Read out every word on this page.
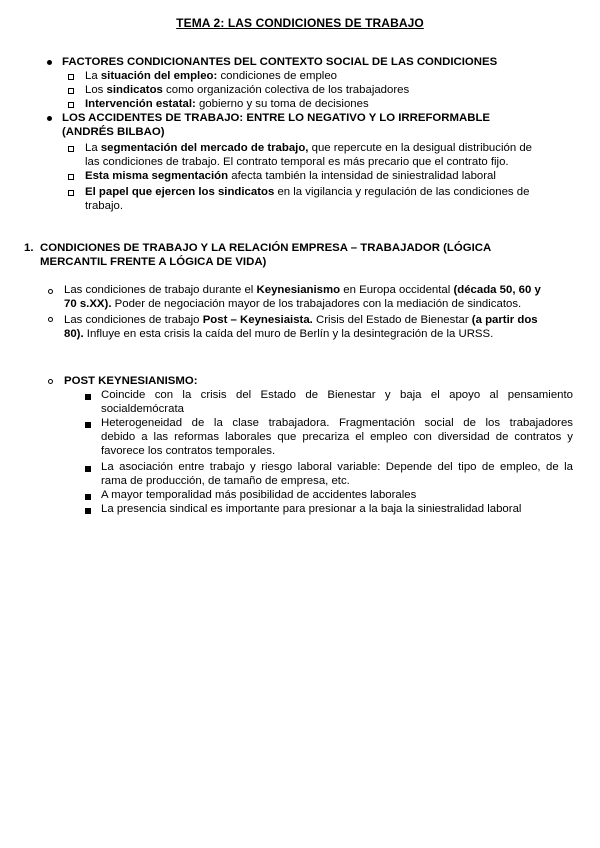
TEMA 2: LAS CONDICIONES DE TRABAJO
FACTORES CONDICIONANTES DEL CONTEXTO SOCIAL DE LAS CONDICIONES
La situación del empleo: condiciones de empleo
Los sindicatos como organización colectiva de los trabajadores
Intervención estatal: gobierno y su toma de decisiones
LOS ACCIDENTES DE TRABAJO: ENTRE LO NEGATIVO Y LO IRREFORMABLE
(ANDRÉS BILBAO)
La segmentación del mercado de trabajo, que repercute en la desigual distribución de
las condiciones de trabajo. El contrato temporal es más precario que el contrato fijo.
Esta misma segmentación afecta también la intensidad de siniestralidad laboral
El papel que ejercen los sindicatos en la vigilancia y regulación de las condiciones de
trabajo.
1. CONDICIONES DE TRABAJO Y LA RELACIÓN EMPRESA – TRABAJADOR (LÓGICA
MERCANTIL FRENTE A LÓGICA DE VIDA)
Las condiciones de trabajo durante el Keynesianismo en Europa occidental (década 50, 60 y
70 s.XX). Poder de negociación mayor de los trabajadores con la mediación de sindicatos.
Las condiciones de trabajo Post – Keynesiaista. Crisis del Estado de Bienestar (a partir dos
80). Influye en esta crisis la caída del muro de Berlín y la desintegración de la URSS.
POST KEYNESIANISMO:
Coincide con la crisis del Estado de Bienestar y baja el apoyo al pensamiento
socialdemócrata
Heterogeneidad de la clase trabajadora. Fragmentación social de los trabajadores
debido a las reformas laborales que precariza el empleo con diversidad de contratos y
favorece los contratos temporales.
La asociación entre trabajo y riesgo laboral variable: Depende del tipo de empleo, de la
rama de producción, de tamaño de empresa, etc.
A mayor temporalidad más posibilidad de accidentes laborales
La presencia sindical es importante para presionar a la baja la siniestralidad laboral
